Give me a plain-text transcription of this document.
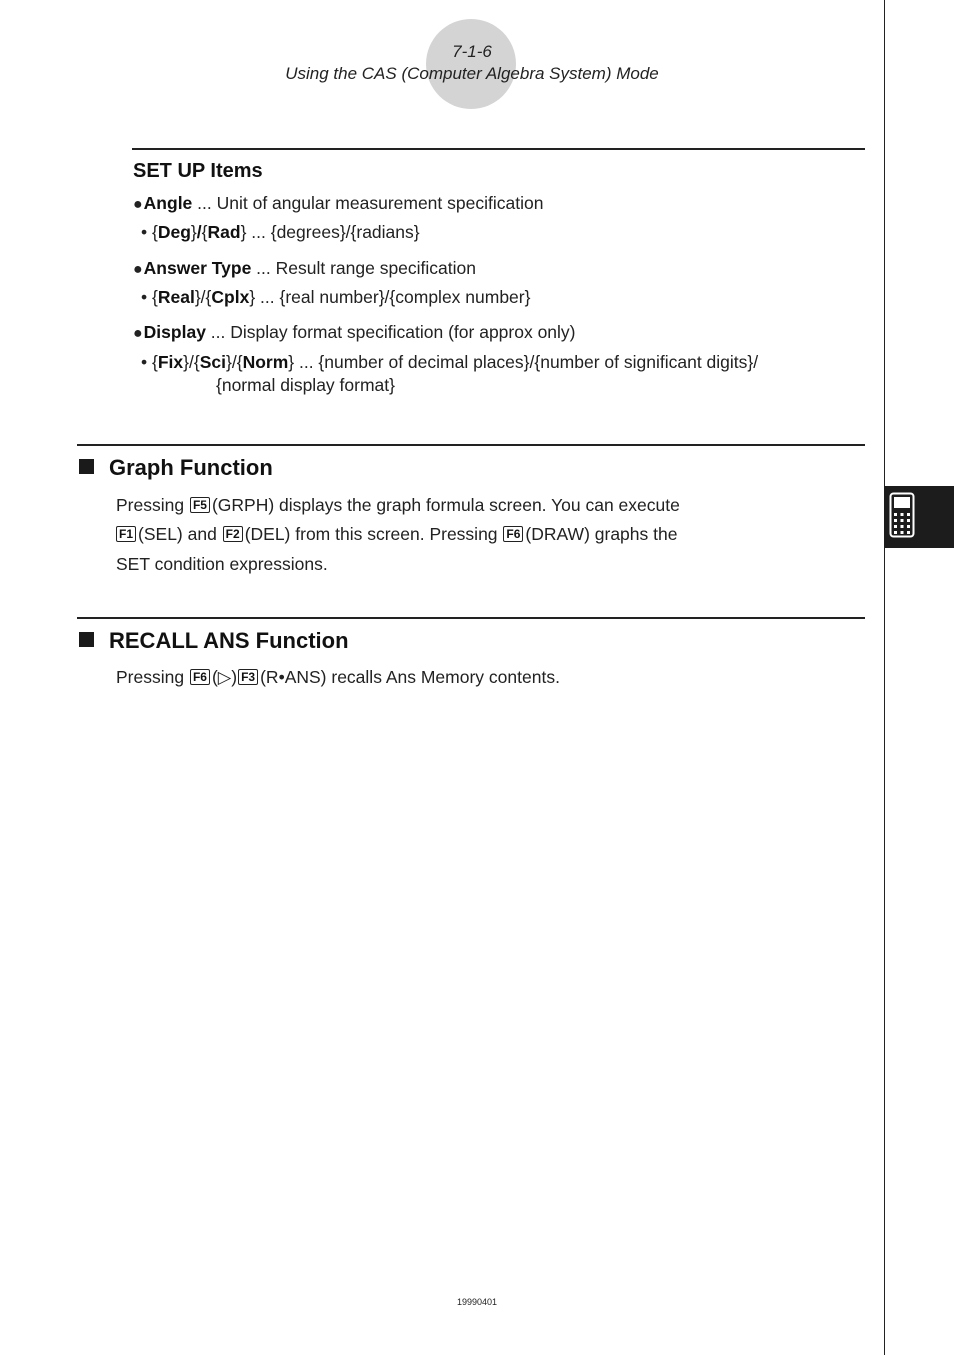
7-1-6
Using the CAS (Computer Algebra System) Mode
SET UP Items
●Angle ... Unit of angular measurement specification
• {Deg}/{Rad} ... {degrees}/{radians}
●Answer Type ... Result range specification
• {Real}/{Cplx} ... {real number}/{complex number}
●Display ... Display format specification (for approx only)
• {Fix}/{Sci}/{Norm} ... {number of decimal places}/{number of significant digits}/
{normal display format}
Graph Function
Pressing F5 (GRPH) displays the graph formula screen. You can execute
F1 (SEL) and F2 (DEL) from this screen. Pressing F6 (DRAW) graphs the
SET condition expressions.
RECALL ANS Function
Pressing F6 (▷) F3 (R•ANS) recalls Ans Memory contents.
19990401
